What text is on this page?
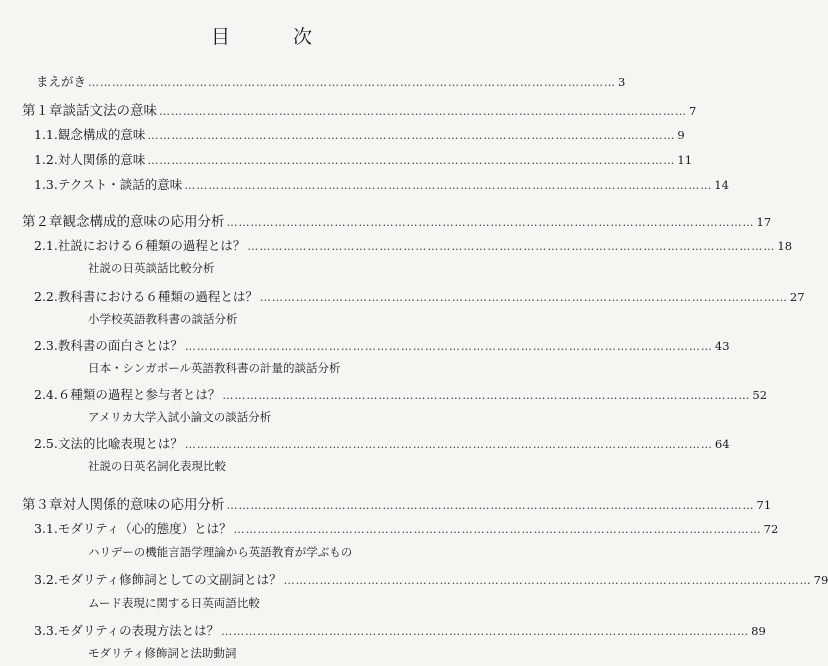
目　次
まえがき …………………………………………………………………………………………………………………… 3
第１章 談話文法の意味 …………………………………………………………………………………………………………………… 7
1.1. 観念構成的意味 …………………………………………………………………………………………………………………… 9
1.2. 対人関係的意味 …………………………………………………………………………………………………………………… 11
1.3. テクスト・談話的意味 …………………………………………………………………………………………………………………… 14
第２章 観念構成的意味の応用分析 …………………………………………………………………………………………………………………… 17
2.1. 社説における６種類の過程とは？ …………………………………………………………………………………………………………………… 18
社説の日英談話比較分析
2.2. 教科書における６種類の過程とは？ …………………………………………………………………………………………………………………… 27
小学校英語教科書の談話分析
2.3. 教科書の面白さとは？ …………………………………………………………………………………………………………………… 43
日本・シンガポール英語教科書の計量的談話分析
2.4. ６種類の過程と参与者とは？ …………………………………………………………………………………………………………………… 52
アメリカ大学入試小論文の談話分析
2.5. 文法的比喩表現とは？ …………………………………………………………………………………………………………………… 64
社説の日英名詞化表現比較
第３章 対人関係的意味の応用分析 …………………………………………………………………………………………………………………… 71
3.1. モダリティ（心的態度）とは？ …………………………………………………………………………………………………………………… 72
ハリデーの機能言語学理論から英語教育が学ぶもの
3.2. モダリティ修飾詞としての文副詞とは？ …………………………………………………………………………………………………………………… 79
ムード表現に関する日英両語比較
3.3. モダリティの表現方法とは？ …………………………………………………………………………………………………………………… 89
モダリティ修飾詞と法助動詞
